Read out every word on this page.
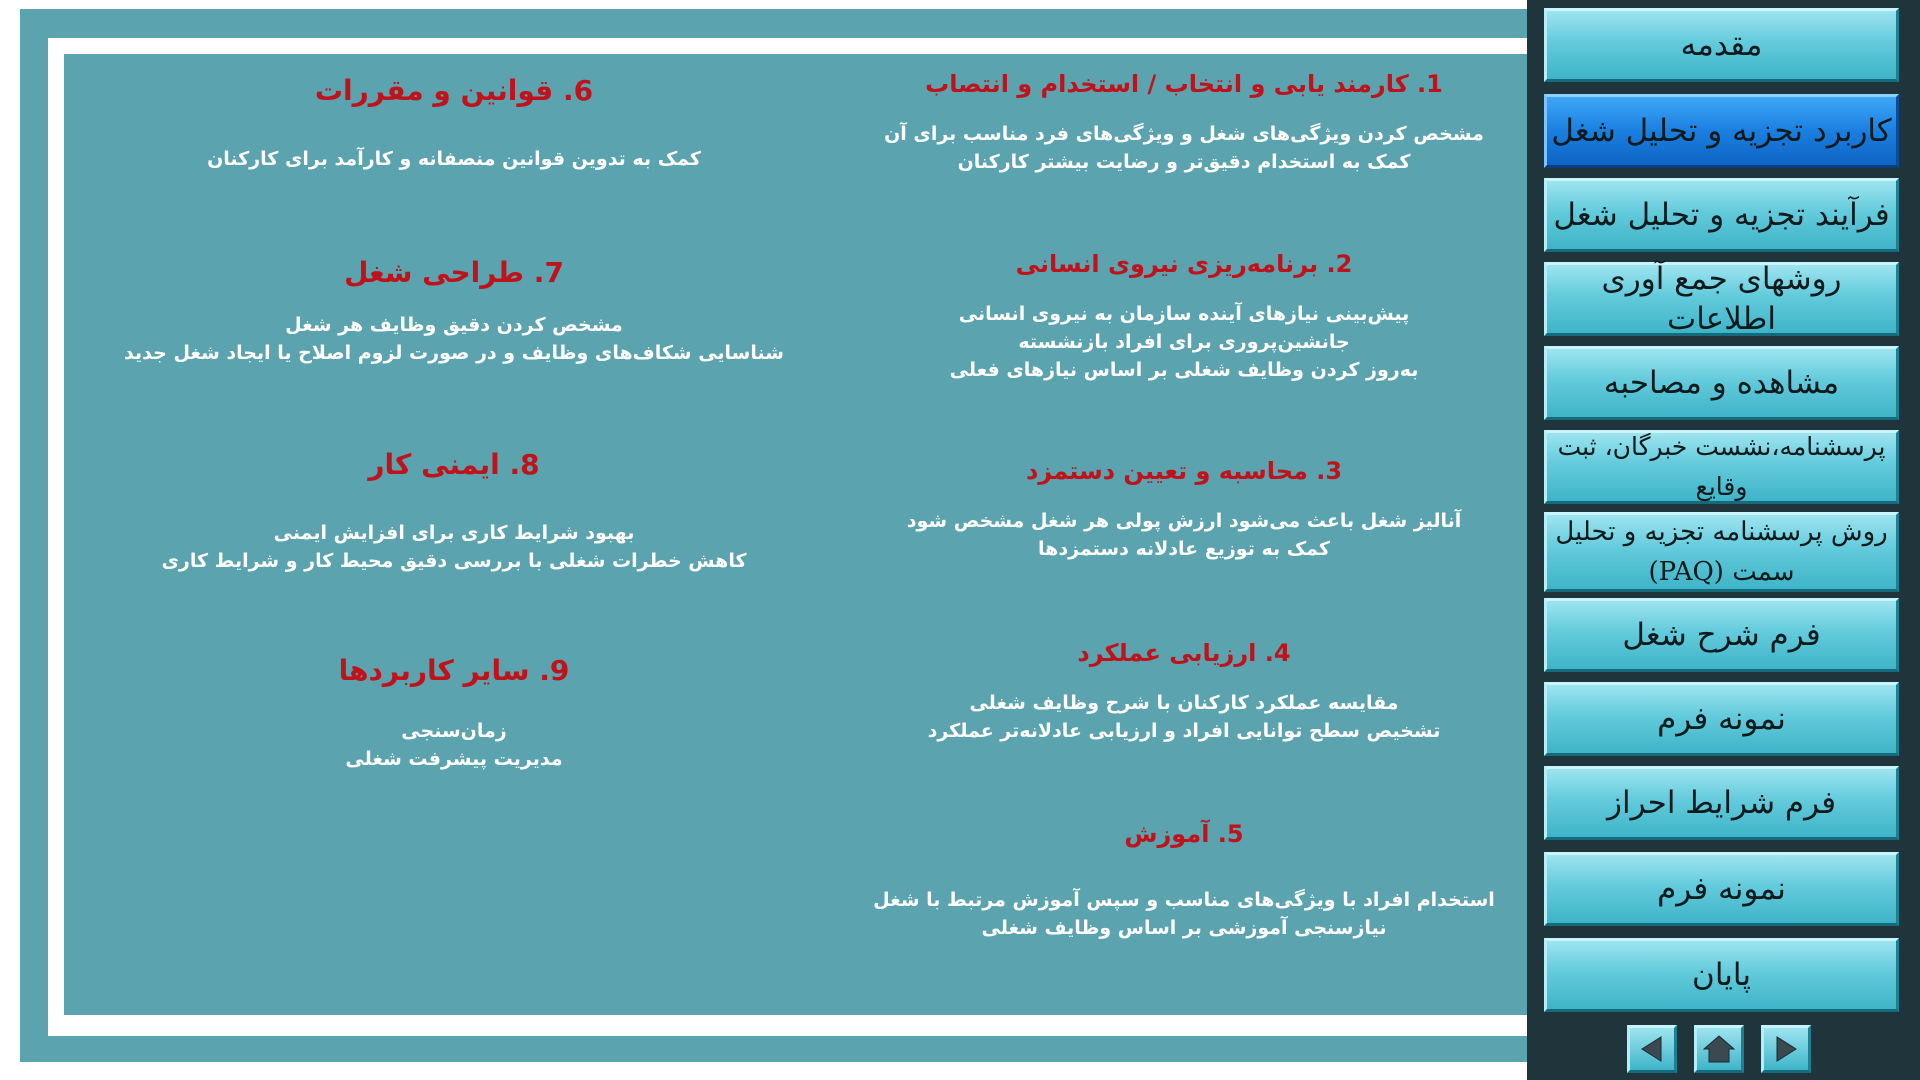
1. کارمند یابی و انتخاب / استخدام و انتصاب

مشخص کردن ویژگی‌های شغل و ویژگی‌های فرد مناسب برای آن
کمک به استخدام دقیق‌تر و رضایت بیشتر کارکنان

2. برنامه‌ریزی نیروی انسانی

پیش‌بینی نیازهای آینده سازمان به نیروی انسانی
جانشین‌پروری برای افراد بازنشسته
به‌روز کردن وظایف شغلی بر اساس نیازهای فعلی

3. محاسبه و تعیین دستمزد

آنالیز شغل باعث می‌شود ارزش پولی هر شغل مشخص شود
کمک به توزیع عادلانه دستمزدها

4. ارزیابی عملکرد

مقایسه عملکرد کارکنان با شرح وظایف شغلی
تشخیص سطح توانایی افراد و ارزیابی عادلانه‌تر عملکرد

5. آموزش

استخدام افراد با ویژگی‌های مناسب و سپس آموزش مرتبط با شغل
نیازسنجی آموزشی بر اساس وظایف شغلی

6. قوانین و مقررات

کمک به تدوین قوانین منصفانه و کارآمد برای کارکنان

7. طراحی شغل

مشخص کردن دقیق وظایف هر شغل
شناسایی شکاف‌های وظایف و در صورت لزوم اصلاح یا ایجاد شغل جدید

8. ایمنی کار

بهبود شرایط کاری برای افزایش ایمنی
کاهش خطرات شغلی با بررسی دقیق محیط کار و شرایط کاری

9. سایر کاربردها

زمان‌سنجی
مدیریت پیشرفت شغلی
مقدمه
کاربرد تجزیه و تحلیل شغل
فرآیند تجزیه و تحلیل شغل
روشهای جمع آوری اطلاعات
مشاهده و مصاحبه
پرسشنامه،نشست خبرگان، ثبت وقایع
روش پرسشنامه تجزیه و تحلیل سمت (PAQ)
فرم شرح شغل
نمونه فرم
فرم شرایط احراز
نمونه فرم
پایان
